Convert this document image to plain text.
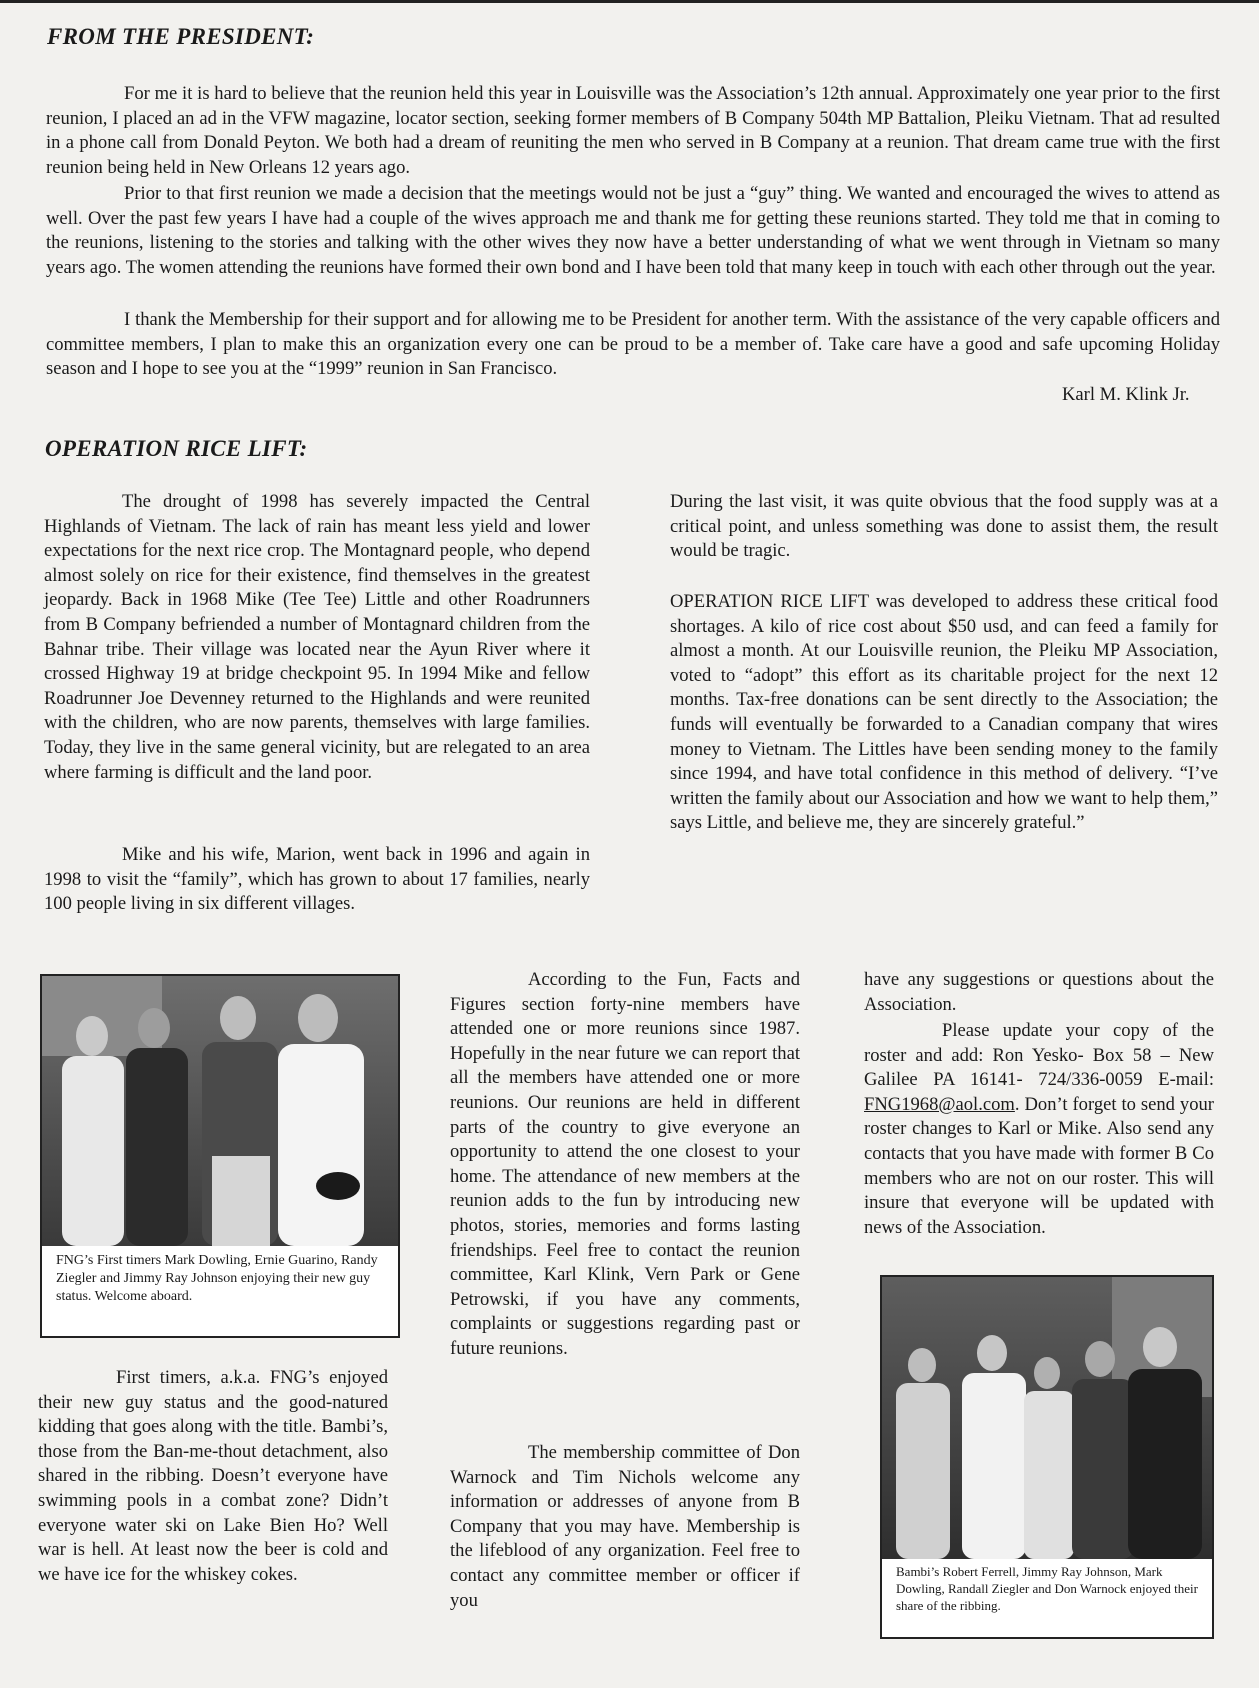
FROM THE PRESIDENT:

For me it is hard to believe that the reunion held this year in Louisville was the Association’s 12th annual. Approximately one year prior to the first reunion, I placed an ad in the VFW magazine, locator section, seeking former members of B Company 504th MP Battalion, Pleiku Vietnam. That ad resulted in a phone call from Donald Peyton. We both had a dream of reuniting the men who served in B Company at a reunion. That dream came true with the first reunion being held in New Orleans 12 years ago.

Prior to that first reunion we made a decision that the meetings would not be just a “guy” thing. We wanted and encouraged the wives to attend as well. Over the past few years I have had a couple of the wives approach me and thank me for getting these reunions started. They told me that in coming to the reunions, listening to the stories and talking with the other wives they now have a better understanding of what we went through in Vietnam so many years ago. The women attending the reunions have formed their own bond and I have been told that many keep in touch with each other through out the year.

I thank the Membership for their support and for allowing me to be President for another term. With the assistance of the very capable officers and committee members, I plan to make this an organization every one can be proud to be a member of. Take care have a good and safe upcoming Holiday season and I hope to see you at the “1999” reunion in San Francisco.

Karl M. Klink Jr.
OPERATION RICE LIFT:

The drought of 1998 has severely impacted the Central Highlands of Vietnam. The lack of rain has meant less yield and lower expectations for the next rice crop. The Montagnard people, who depend almost solely on rice for their existence, find themselves in the greatest jeopardy. Back in 1968 Mike (Tee Tee) Little and other Roadrunners from B Company befriended a number of Montagnard children from the Bahnar tribe. Their village was located near the Ayun River where it crossed Highway 19 at bridge checkpoint 95. In 1994 Mike and fellow Roadrunner Joe Devenney returned to the Highlands and were reunited with the children, who are now parents, themselves with large families. Today, they live in the same general vicinity, but are relegated to an area where farming is difficult and the land poor.

Mike and his wife, Marion, went back in 1996 and again in 1998 to visit the “family”, which has grown to about 17 families, nearly 100 people living in six different villages.

During the last visit, it was quite obvious that the food supply was at a critical point, and unless something was done to assist them, the result would be tragic.

OPERATION RICE LIFT was developed to address these critical food shortages. A kilo of rice cost about $50 usd, and can feed a family for almost a month. At our Louisville reunion, the Pleiku MP Association, voted to “adopt” this effort as its charitable project for the next 12 months. Tax-free donations can be sent directly to the Association; the funds will eventually be forwarded to a Canadian company that wires money to Vietnam. The Littles have been sending money to the family since 1994, and have total confidence in this method of delivery. “I’ve written the family about our Association and how we want to help them,” says Little, and believe me, they are sincerely grateful.”

FNG’s First timers Mark Dowling, Ernie Guarino, Randy Ziegler and Jimmy Ray Johnson enjoying their new guy status. Welcome aboard.

First timers, a.k.a. FNG’s enjoyed their new guy status and the good-natured kidding that goes along with the title. Bambi’s, those from the Ban-me-thout detachment, also shared in the ribbing. Doesn’t everyone have swimming pools in a combat zone? Didn’t everyone water ski on Lake Bien Ho? Well war is hell. At least now the beer is cold and we have ice for the whiskey cokes.

According to the Fun, Facts and Figures section forty-nine members have attended one or more reunions since 1987. Hopefully in the near future we can report that all the members have attended one or more reunions. Our reunions are held in different parts of the country to give everyone an opportunity to attend the one closest to your home. The attendance of new members at the reunion adds to the fun by introducing new photos, stories, memories and forms lasting friendships. Feel free to contact the reunion committee, Karl Klink, Vern Park or Gene Petrowski, if you have any comments, complaints or suggestions regarding past or future reunions.

The membership committee of Don Warnock and Tim Nichols welcome any information or addresses of anyone from B Company that you may have. Membership is the lifeblood of any organization. Feel free to contact any committee member or officer if you

have any suggestions or questions about the Association.

Please update your copy of the roster and add: Ron Yesko- Box 58 – New Galilee PA 16141- 724/336-0059 E-mail: FNG1968@aol.com. Don’t forget to send your roster changes to Karl or Mike. Also send any contacts that you have made with former B Co members who are not on our roster. This will insure that everyone will be updated with news of the Association.

Bambi’s Robert Ferrell, Jimmy Ray Johnson, Mark Dowling, Randall Ziegler and Don Warnock enjoyed their share of the ribbing.
